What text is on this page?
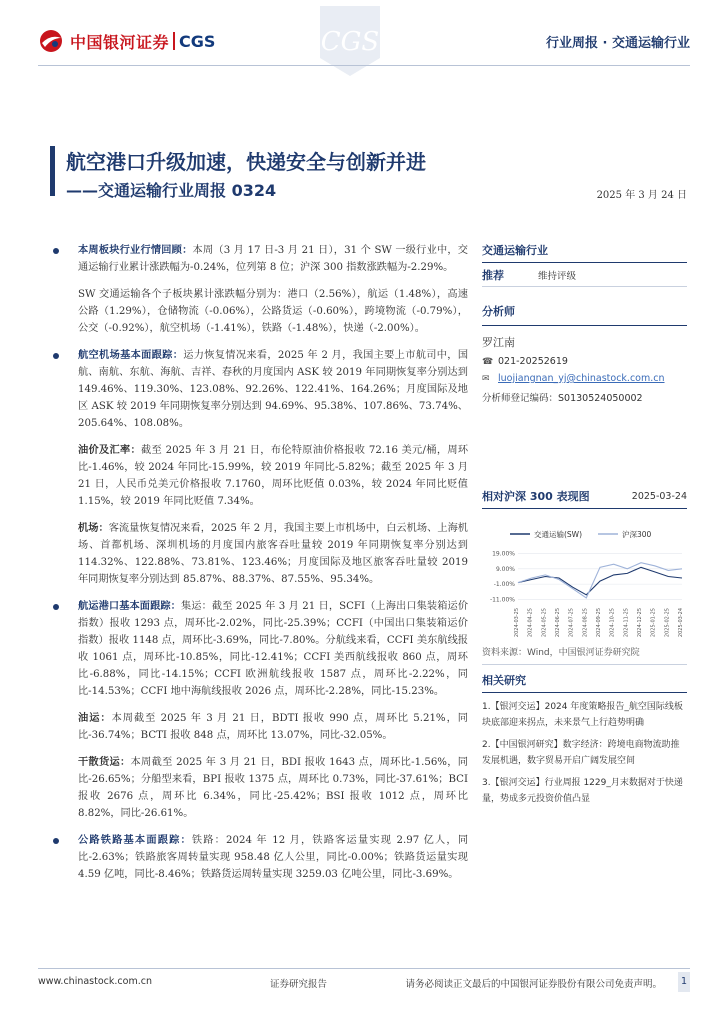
中国银河证券 CGS	CGS	行业周报 · 交通运输行业
航空港口升级加速，快递安全与创新并进
——交通运输行业周报 0324	2025 年 3 月 24 日
本周板块行业行情回顾：本周（3 月 17 日-3 月 21 日），31 个 SW 一级行业中，交通运输行业累计涨跌幅为-0.24%，位列第 8 位；沪深 300 指数涨跌幅为-2.29%。
SW 交通运输各个子板块累计涨跌幅分别为：港口（2.56%），航运（1.48%），高速公路（1.29%），仓储物流（-0.06%），公路货运（-0.60%），跨境物流（-0.79%），公交（-0.92%），航空机场（-1.41%），铁路（-1.48%），快递（-2.00%）。
航空机场基本面跟踪：运力恢复情况来看，2025 年 2 月，我国主要上市航司中，国航、南航、东航、海航、吉祥、春秋的月度国内 ASK 较 2019 年同期恢复率分别达到 149.46%、119.30%、123.08%、92.26%、122.41%、164.26%；月度国际及地区 ASK 较 2019 年同期恢复率分别达到 94.69%、95.38%、107.86%、73.74%、205.64%、108.08%。
油价及汇率：截至 2025 年 3 月 21 日，布伦特原油价格报收 72.16 美元/桶，周环比-1.46%，较 2024 年同比-15.99%，较 2019 年同比-5.82%；截至 2025 年 3 月 21 日，人民币兑美元价格报收 7.1760，周环比贬值 0.03%，较 2024 年同比贬值 1.15%，较 2019 年同比贬值 7.34%。
机场：客流量恢复情况来看，2025 年 2 月，我国主要上市机场中，白云机场、上海机场、首都机场、深圳机场的月度国内旅客吞吐量较 2019 年同期恢复率分别达到 114.32%、122.88%、73.81%、123.46%；月度国际及地区旅客吞吐量较 2019 年同期恢复率分别达到 85.87%、88.37%、87.55%、95.34%。
航运港口基本面跟踪：集运：截至 2025 年 3 月 21 日，SCFI（上海出口集装箱运价指数）报收 1293 点，周环比-2.02%，同比-25.39%；CCFI（中国出口集装箱运价指数）报收 1148 点，周环比-3.69%，同比-7.80%。分航线来看，CCFI 美东航线报收 1061 点，周环比-10.85%，同比-12.41%；CCFI 美西航线报收 860 点，周环比-6.88%，同比-14.15%；CCFI 欧洲航线报收 1587 点，周环比-2.22%，同比-14.53%；CCFI 地中海航线报收 2026 点，周环比-2.28%，同比-15.23%。
油运：本周截至 2025 年 3 月 21 日，BDTI 报收 990 点，周环比 5.21%，同比-36.74%；BCTI 报收 848 点，周环比 13.07%，同比-32.05%。
干散货运：本周截至 2025 年 3 月 21 日，BDI 报收 1643 点，周环比-1.56%，同比-26.65%；分船型来看，BPI 报收 1375 点，周环比 0.73%，同比-37.61%；BCI 报收 2676 点，周环比 6.34%，同比-25.42%；BSI 报收 1012 点，周环比 8.82%，同比-26.61%。
公路铁路基本面跟踪：铁路：2024 年 12 月，铁路客运量实现 2.97 亿人，同比-2.63%；铁路旅客周转量实现 958.48 亿人公里，同比-0.00%；铁路货运量实现 4.59 亿吨，同比-8.46%；铁路货运周转量实现 3259.03 亿吨公里，同比-3.69%。
交通运输行业
推荐	维持评级
分析师
罗江南
☎ 021-20252619
✉ luojiangnan_yj@chinastock.com.cn
分析师登记编码：S0130524050002
相对沪深 300 表现图	2025-03-24
交通运输(SW)	沪深300
19.00%
9.00%
-1.00%
-11.00%
2024-03-25 2024-04-25 2024-05-25 2024-06-25 2024-07-25 2024-08-25 2024-09-25 2024-10-25 2024-11-25 2024-12-25 2025-01-25 2025-02-25 2025-03-24
资料来源：Wind，中国银河证券研究院
相关研究
1.【银河交运】2024 年度策略报告_航空国际线板块底部迎来拐点，未来景气上行趋势明确
2.【中国银河研究】数字经济：跨境电商物流助推发展机遇，数字贸易开启广阔发展空间
3.【银河交运】行业周报 1229_月末数据对于快递量，势成多元投资价值凸显
www.chinastock.com.cn	证券研究报告	请务必阅读正文最后的中国银河证券股份有限公司免责声明。	1
